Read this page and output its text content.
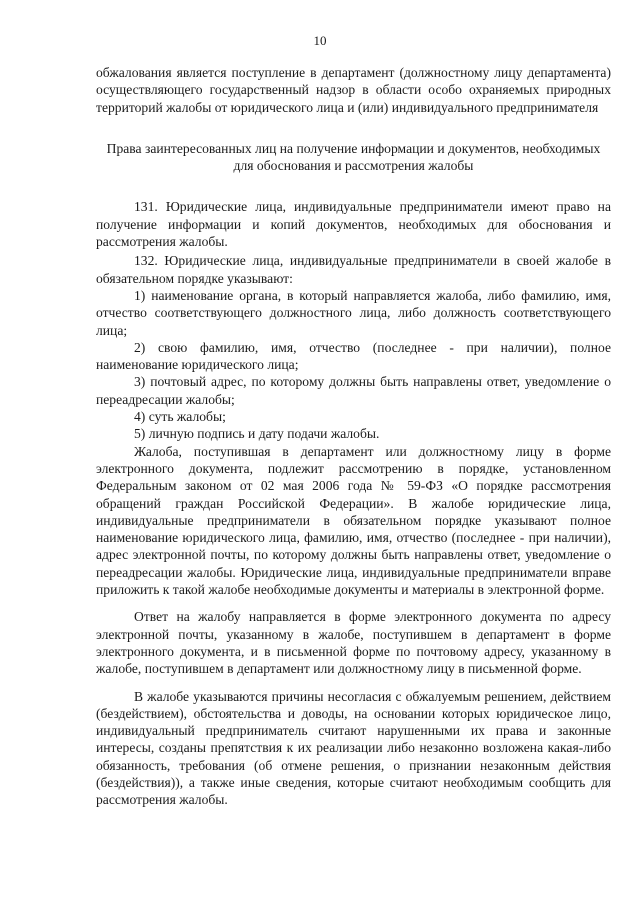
10

обжалования является поступление в департамент (должностному лицу департамента) осуществляющего государственный надзор в области особо охраняемых природных территорий жалобы от юридического лица и (или) индивидуального предпринимателя

Права заинтересованных лиц на получение информации и документов, необходимых для обоснования и рассмотрения жалобы

131. Юридические лица, индивидуальные предприниматели имеют право на получение информации и копий документов, необходимых для обоснования и рассмотрения жалобы.

132. Юридические лица, индивидуальные предприниматели в своей жалобе в обязательном порядке указывают:

1) наименование органа, в который направляется жалоба, либо фамилию, имя, отчество соответствующего должностного лица, либо должность соответствующего лица;

2) свою фамилию, имя, отчество (последнее - при наличии), полное наименование юридического лица;

3) почтовый адрес, по которому должны быть направлены ответ, уведомление о переадресации жалобы;

4) суть жалобы;

5) личную подпись и дату подачи жалобы.

Жалоба, поступившая в департамент или должностному лицу в форме электронного документа, подлежит рассмотрению в порядке, установленном Федеральным законом от 02 мая 2006 года № 59-ФЗ «О порядке рассмотрения обращений граждан Российской Федерации». В жалобе юридические лица, индивидуальные предприниматели в обязательном порядке указывают полное наименование юридического лица, фамилию, имя, отчество (последнее - при наличии), адрес электронной почты, по которому должны быть направлены ответ, уведомление о переадресации жалобы. Юридические лица, индивидуальные предприниматели вправе приложить к такой жалобе необходимые документы и материалы в электронной форме.

Ответ на жалобу направляется в форме электронного документа по адресу электронной почты, указанному в жалобе, поступившем в департамент в форме электронного документа, и в письменной форме по почтовому адресу, указанному в жалобе, поступившем в департамент или должностному лицу в письменной форме.

В жалобе указываются причины несогласия с обжалуемым решением, действием (бездействием), обстоятельства и доводы, на основании которых юридическое лицо, индивидуальный предприниматель считают нарушенными их права и законные интересы, созданы препятствия к их реализации либо незаконно возложена какая-либо обязанность, требования (об отмене решения, о признании незаконным действия (бездействия)), а также иные сведения, которые считают необходимым сообщить для рассмотрения жалобы.
